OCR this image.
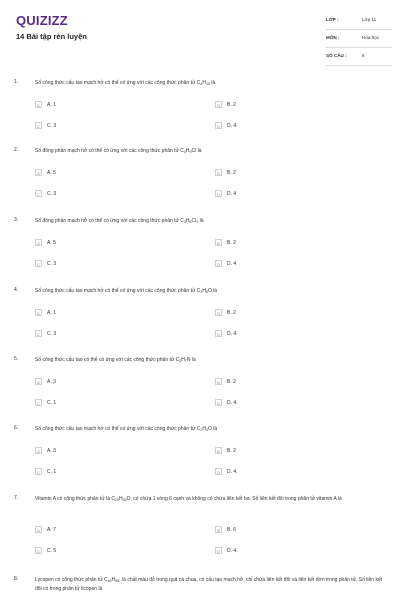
QUIZIZZ
14 Bài tập rèn luyện
LỚP :	Lớp 11
MÔN :	Hóa học
SỐ CÂU :	8
1.	Số công thức cấu tạo mạch hở có thể có ứng với các công thức phân tử $C_4H_{10}$ là
A	A. 1	B	B. 2
C	C. 3	D	D. 4.
2.	Số đồng phân mạch hở có thể có ứng với các công thức phân tử $C_4H_9Cl$ là
A	A. 5	B	B. 2
C	C. 3	D	D. 4
3.	Số đồng phân mạch hở có thể có ứng với các công thức phân tử $C_3H_6Cl_2$ là
A	A. 5	B	B. 2
C	C. 3	D	D. 4
4.	Số công thức cấu tạo mạch hở có thể có ứng với các công thức phân tử $C_3H_8O$ là
A	A. 1	B	B. 2
C	C. 3	D	D. 4.
5.	Số công thức cấu tạo có thể có ứng với các công thức phân tử $C_2H_7N$ là
A	A. 3	B	B. 2
C	C. 1	D	D. 4.
6.	Số công thức cấu tạo mạch hở có thể có ứng với các công thức phân tử $C_2H_4O$ là
A	A. 3	B	B. 2
C	C. 1	D	D. 4.
7.	Vitamin A có công thức phân tử là $C_{20}H_{30}O$, có chứa 1 vòng 6 cạnh và không có chứa liên kết ba. Số liên kết đôi trong phân tử vitamin A là
A	A. 7	B	B. 6
C	C. 5	D	D. 4.
8.	Lycopen có công thức phân tử $C_{40}H_{56}$, là chất màu đỏ trong quả cà chua, có cấu tạo mạch hở, chỉ chứa liên kết đôi và liên kết đơn trong phân tử. Số liên kết đôi có trong phân tử licopen là
